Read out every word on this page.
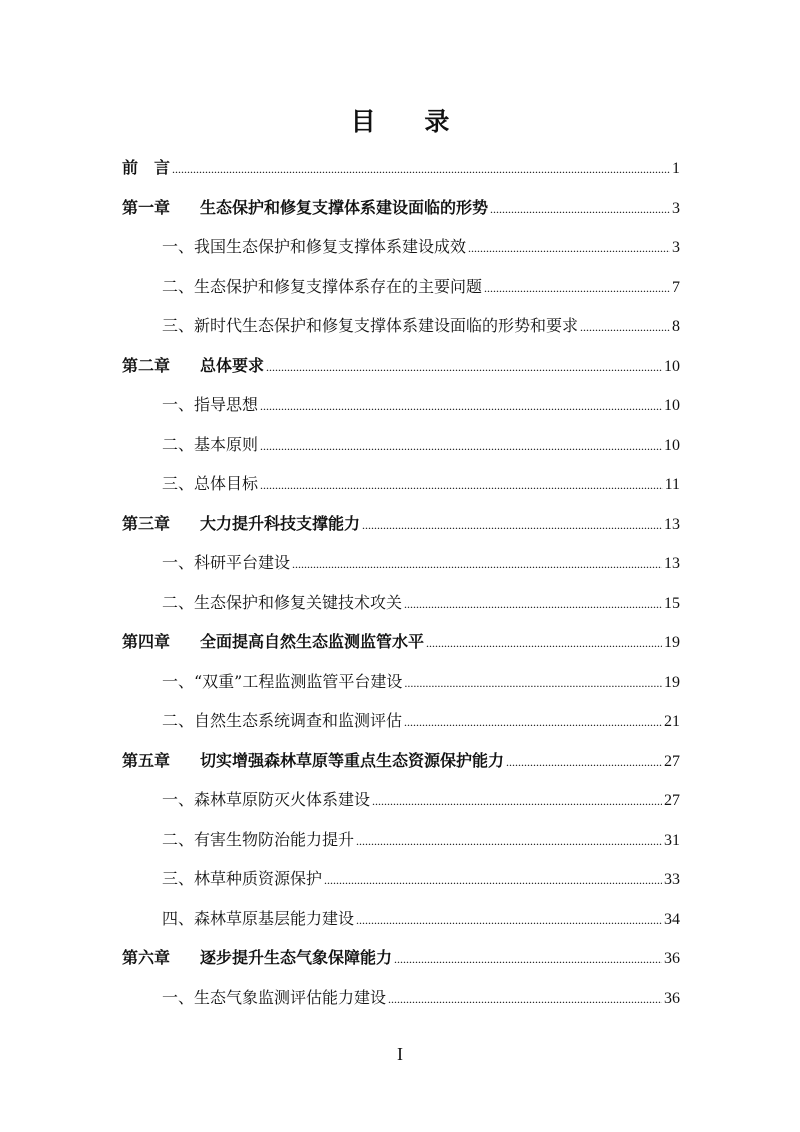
目 录
前　言 .....	1
第一章 生态保护和修复支撑体系建设面临的形势 .....	3
一、我国生态保护和修复支撑体系建设成效 .....	3
二、生态保护和修复支撑体系存在的主要问题 .....	7
三、新时代生态保护和修复支撑体系建设面临的形势和要求 .....	8
第二章 总体要求 .....	10
一、指导思想 .....	10
二、基本原则 .....	10
三、总体目标 .....	11
第三章 大力提升科技支撑能力 .....	13
一、科研平台建设 .....	13
二、生态保护和修复关键技术攻关 .....	15
第四章 全面提高自然生态监测监管水平 .....	19
一、“双重”工程监测监管平台建设 .....	19
二、自然生态系统调查和监测评估 .....	21
第五章 切实增强森林草原等重点生态资源保护能力 .....	27
一、森林草原防灭火体系建设 .....	27
二、有害生物防治能力提升 .....	31
三、林草种质资源保护 .....	33
四、森林草原基层能力建设 .....	34
第六章 逐步提升生态气象保障能力 .....	36
一、生态气象监测评估能力建设 .....	36
I
